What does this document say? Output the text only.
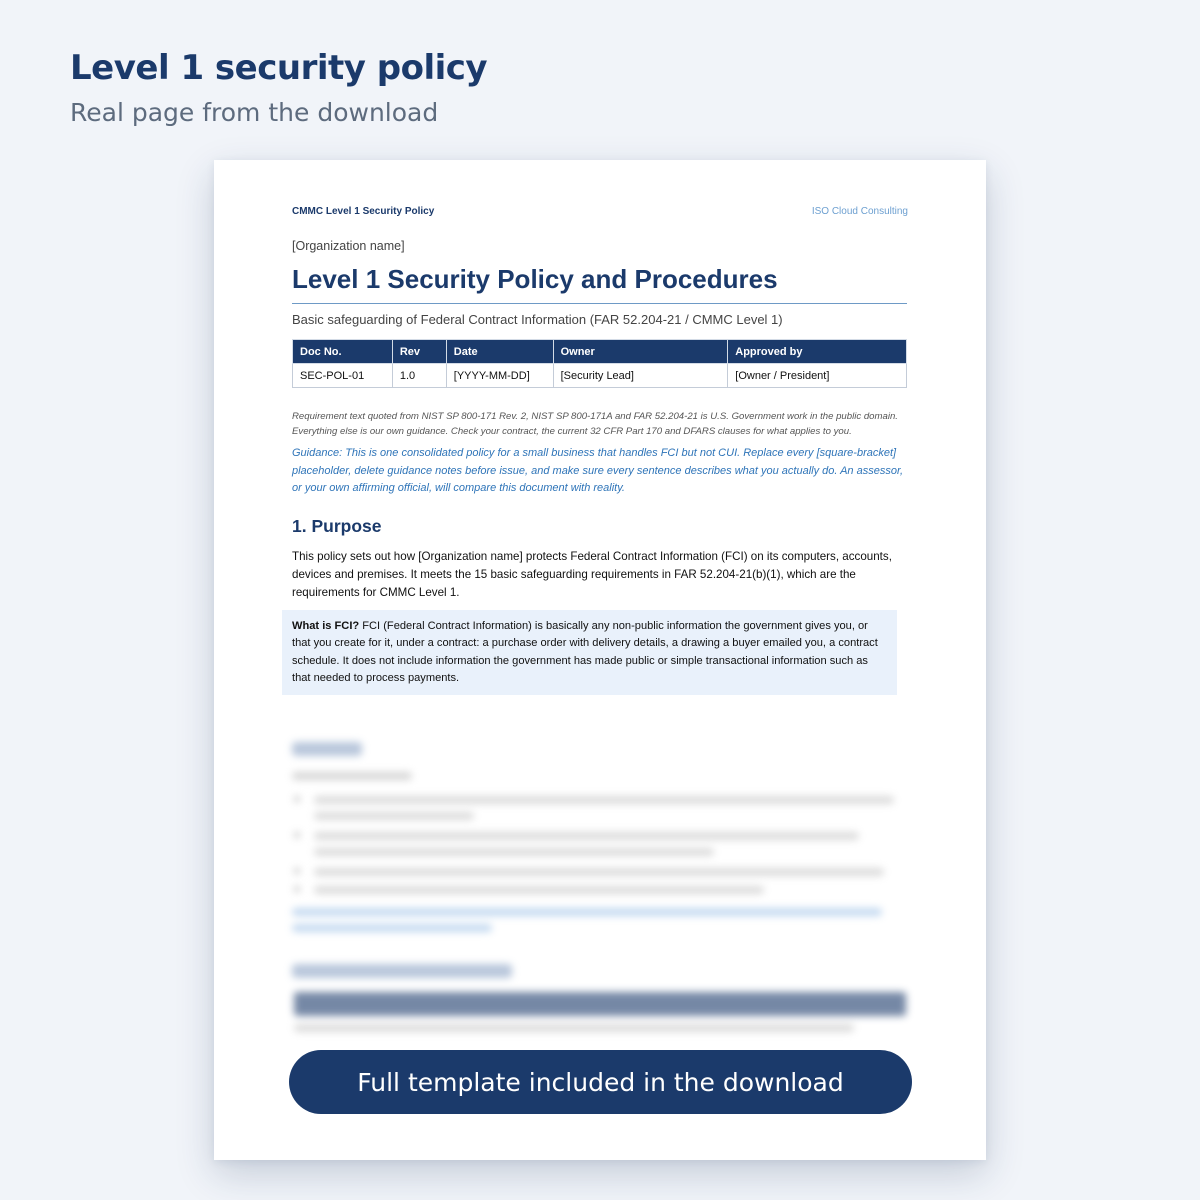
Level 1 security policy

Real page from the download

CMMC Level 1 Security Policy	ISO Cloud Consulting
[Organization name]
Level 1 Security Policy and Procedures
Basic safeguarding of Federal Contract Information (FAR 52.204-21 / CMMC Level 1)
Doc No.	Rev	Date	Owner	Approved by
SEC-POL-01	1.0	[YYYY-MM-DD]	[Security Lead]	[Owner / President]

Requirement text quoted from NIST SP 800-171 Rev. 2, NIST SP 800-171A and FAR 52.204-21 is U.S. Government work in the public domain. Everything else is our own guidance. Check your contract, the current 32 CFR Part 170 and DFARS clauses for what applies to you.

Guidance: This is one consolidated policy for a small business that handles FCI but not CUI. Replace every [square-bracket] placeholder, delete guidance notes before issue, and make sure every sentence describes what you actually do. An assessor, or your own affirming official, will compare this document with reality.

1. Purpose

This policy sets out how [Organization name] protects Federal Contract Information (FCI) on its computers, accounts, devices and premises. It meets the 15 basic safeguarding requirements in FAR 52.204-21(b)(1), which are the requirements for CMMC Level 1.

What is FCI? FCI (Federal Contract Information) is basically any non-public information the government gives you, or that you create for it, under a contract: a purchase order with delivery details, a drawing a buyer emailed you, a contract schedule. It does not include information the government has made public or simple transactional information such as that needed to process payments.
Full template included in the download
